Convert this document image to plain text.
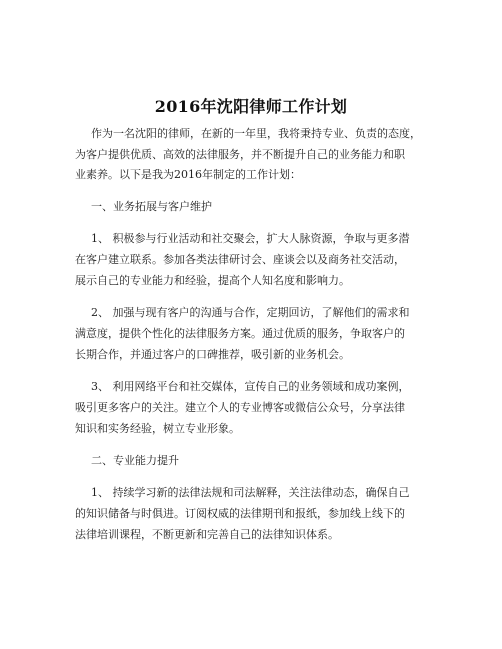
2016年沈阳律师工作计划
作为一名沈阳的律师，在新的一年里，我将秉持专业、负责的态度，
为客户提供优质、高效的法律服务，并不断提升自己的业务能力和职
业素养。以下是我为2016年制定的工作计划：
一、业务拓展与客户维护
1、 积极参与行业活动和社交聚会，扩大人脉资源，争取与更多潜
在客户建立联系。参加各类法律研讨会、座谈会以及商务社交活动，
展示自己的专业能力和经验，提高个人知名度和影响力。
2、 加强与现有客户的沟通与合作，定期回访，了解他们的需求和
满意度，提供个性化的法律服务方案。通过优质的服务，争取客户的
长期合作，并通过客户的口碑推荐，吸引新的业务机会。
3、 利用网络平台和社交媒体，宣传自己的业务领域和成功案例，
吸引更多客户的关注。建立个人的专业博客或微信公众号，分享法律
知识和实务经验，树立专业形象。
二、专业能力提升
1、 持续学习新的法律法规和司法解释，关注法律动态，确保自己
的知识储备与时俱进。订阅权威的法律期刊和报纸，参加线上线下的
法律培训课程，不断更新和完善自己的法律知识体系。
